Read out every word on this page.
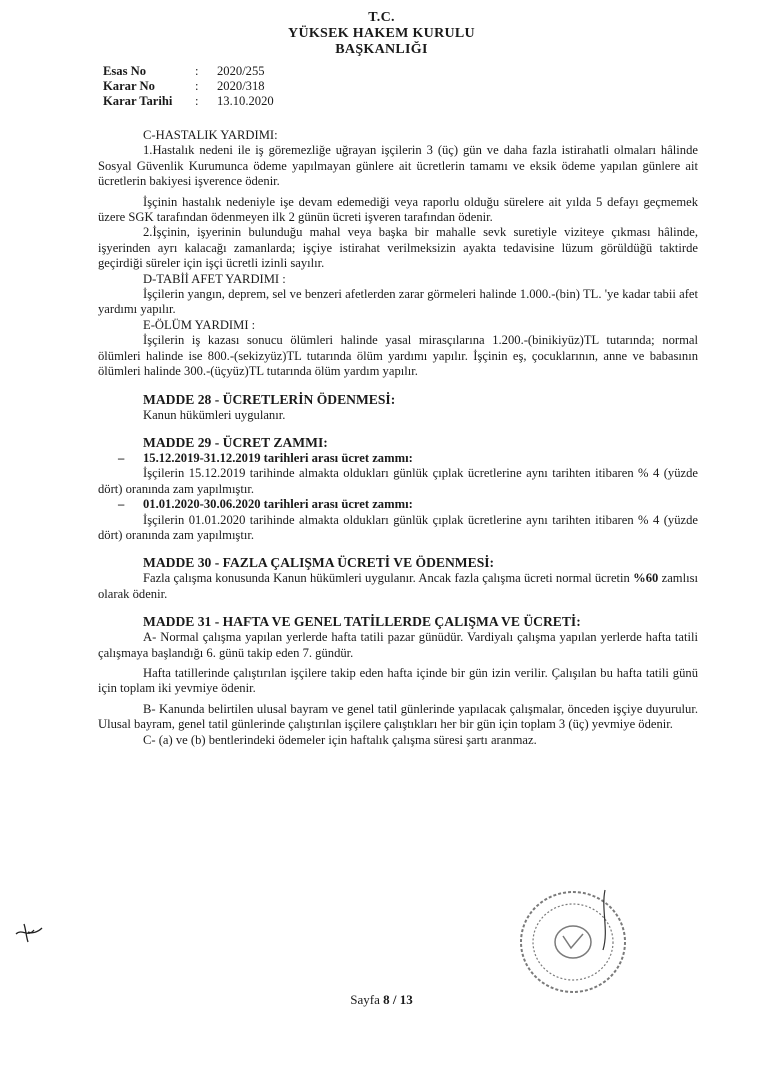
T.C.
YÜKSEK HAKEM KURULU
BAŞKANLIĞI
Esas No	:	2020/255
Karar No	:	2020/318
Karar Tarihi	:	13.10.2020

C-HASTALIK YARDIMI:

1.Hastalık nedeni ile iş göremezliğe uğrayan işçilerin 3 (üç) gün ve daha fazla istirahatli olmaları hâlinde Sosyal Güvenlik Kurumunca ödeme yapılmayan günlere ait ücretlerin tamamı ve eksik ödeme yapılan günlere ait ücretlerin bakiyesi işverence ödenir.

İşçinin hastalık nedeniyle işe devam edemediği veya raporlu olduğu sürelere ait yılda 5 defayı geçmemek üzere SGK tarafından ödenmeyen ilk 2 günün ücreti işveren tarafından ödenir.

2.İşçinin, işyerinin bulunduğu mahal veya başka bir mahalle sevk suretiyle viziteye çıkması hâlinde, işyerinden ayrı kalacağı zamanlarda; işçiye istirahat verilmeksizin ayakta tedavisine lüzum görüldüğü taktirde geçirdiği süreler için işçi ücretli izinli sayılır.

D-TABİİ AFET YARDIMI :

İşçilerin yangın, deprem, sel ve benzeri afetlerden zarar görmeleri halinde 1.000.-(bin) TL. 'ye kadar tabii afet yardımı yapılır.

E-ÖLÜM YARDIMI :

İşçilerin iş kazası sonucu ölümleri halinde yasal mirasçılarına 1.200.-(binikiyüz)TL tutarında; normal ölümleri halinde ise 800.-(sekizyüz)TL tutarında ölüm yardımı yapılır. İşçinin eş, çocuklarının, anne ve babasının ölümleri halinde 300.-(üçyüz)TL tutarında ölüm yardım yapılır.

MADDE 28 - ÜCRETLERİN ÖDENMESİ:

Kanun hükümleri uygulanır.

MADDE 29 - ÜCRET ZAMMI:

–	15.12.2019-31.12.2019 tarihleri arası ücret zammı:

İşçilerin 15.12.2019 tarihinde almakta oldukları günlük çıplak ücretlerine aynı tarihten itibaren % 4 (yüzde dört) oranında zam yapılmıştır.

–	01.01.2020-30.06.2020 tarihleri arası ücret zammı:

İşçilerin 01.01.2020 tarihinde almakta oldukları günlük çıplak ücretlerine aynı tarihten itibaren % 4 (yüzde dört) oranında zam yapılmıştır.

MADDE 30 - FAZLA ÇALIŞMA ÜCRETİ VE ÖDENMESİ:

Fazla çalışma konusunda Kanun hükümleri uygulanır. Ancak fazla çalışma ücreti normal ücretin %60 zamlısı olarak ödenir.

MADDE 31 - HAFTA VE GENEL TATİLLERDE ÇALIŞMA VE ÜCRETİ:

A- Normal çalışma yapılan yerlerde hafta tatili pazar günüdür. Vardiyalı çalışma yapılan yerlerde hafta tatili çalışmaya başlandığı 6. günü takip eden 7. gündür.

Hafta tatillerinde çalıştırılan işçilere takip eden hafta içinde bir gün izin verilir. Çalışılan bu hafta tatili günü için toplam iki yevmiye ödenir.

B- Kanunda belirtilen ulusal bayram ve genel tatil günlerinde yapılacak çalışmalar, önceden işçiye duyurulur. Ulusal bayram, genel tatil günlerinde çalıştırılan işçilere çalıştıkları her bir gün için toplam 3 (üç) yevmiye ödenir.

C- (a) ve (b) bentlerindeki ödemeler için haftalık çalışma süresi şartı aranmaz.

Sayfa 8 / 13
